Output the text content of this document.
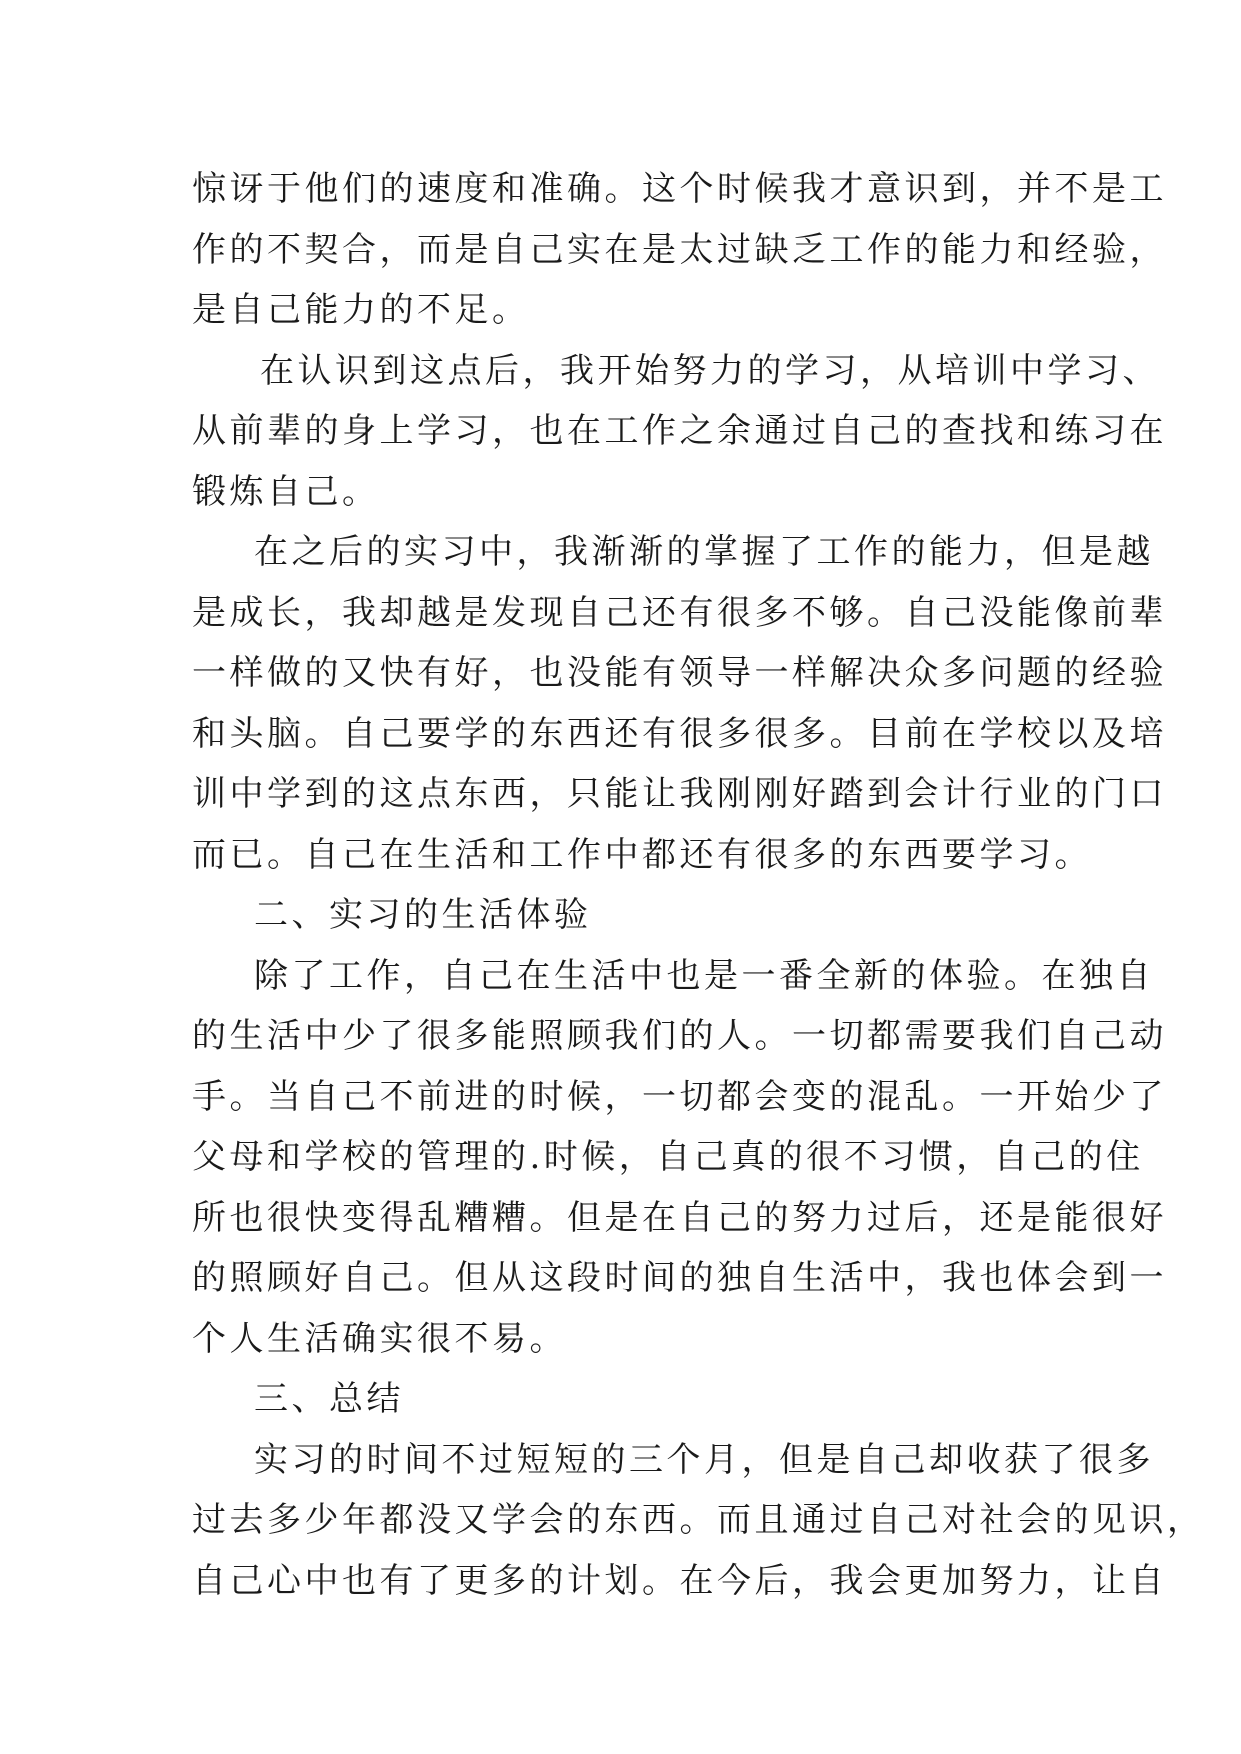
惊讶于他们的速度和准确。这个时候我才意识到，并不是工
作的不契合，而是自己实在是太过缺乏工作的能力和经验，
是自己能力的不足。
在认识到这点后，我开始努力的学习，从培训中学习、
从前辈的身上学习，也在工作之余通过自己的查找和练习在
锻炼自己。
在之后的实习中，我渐渐的掌握了工作的能力，但是越
是成长，我却越是发现自己还有很多不够。自己没能像前辈
一样做的又快有好，也没能有领导一样解决众多问题的经验
和头脑。自己要学的东西还有很多很多。目前在学校以及培
训中学到的这点东西，只能让我刚刚好踏到会计行业的门口
而已。自己在生活和工作中都还有很多的东西要学习。
二、实习的生活体验
除了工作，自己在生活中也是一番全新的体验。在独自
的生活中少了很多能照顾我们的人。一切都需要我们自己动
手。当自己不前进的时候，一切都会变的混乱。一开始少了
父母和学校的管理的.时候，自己真的很不习惯，自己的住
所也很快变得乱糟糟。但是在自己的努力过后，还是能很好
的照顾好自己。但从这段时间的独自生活中，我也体会到一
个人生活确实很不易。
三、总结
实习的时间不过短短的三个月，但是自己却收获了很多
过去多少年都没又学会的东西。而且通过自己对社会的见识，
自己心中也有了更多的计划。在今后，我会更加努力，让自
